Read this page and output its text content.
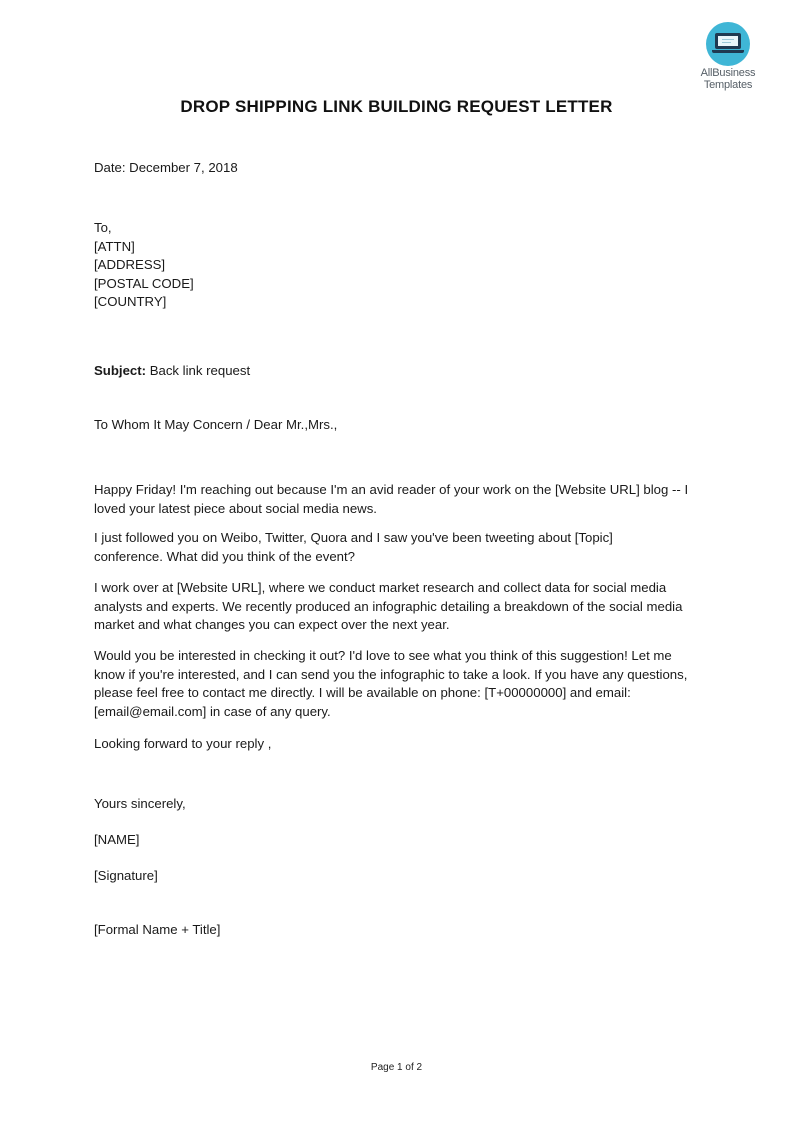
AllBusiness
Templates
DROP SHIPPING LINK BUILDING REQUEST LETTER
Date: December 7, 2018
To,
[ATTN]
[ADDRESS]
[POSTAL CODE]
[COUNTRY]
Subject: Back link request
To Whom It May Concern / Dear Mr.,Mrs.,
Happy Friday! I'm reaching out because I'm an avid reader of your work on the [Website URL] blog -- I
loved your latest piece about social media news.
I just followed you on Weibo, Twitter, Quora and I saw you've been tweeting about [Topic]
conference. What did you think of the event?
I work over at [Website URL], where we conduct market research and collect data for social media
analysts and experts. We recently produced an infographic detailing a breakdown of the social media
market and what changes you can expect over the next year.
Would you be interested in checking it out? I'd love to see what you think of this suggestion! Let me
know if you're interested, and I can send you the infographic to take a look. If you have any questions,
please feel free to contact me directly. I will be available on phone: [T+00000000] and email:
[email@email.com] in case of any query.
Looking forward to your reply ,
Yours sincerely,
[NAME]
[Signature]
[Formal Name + Title]
Page 1 of 2
